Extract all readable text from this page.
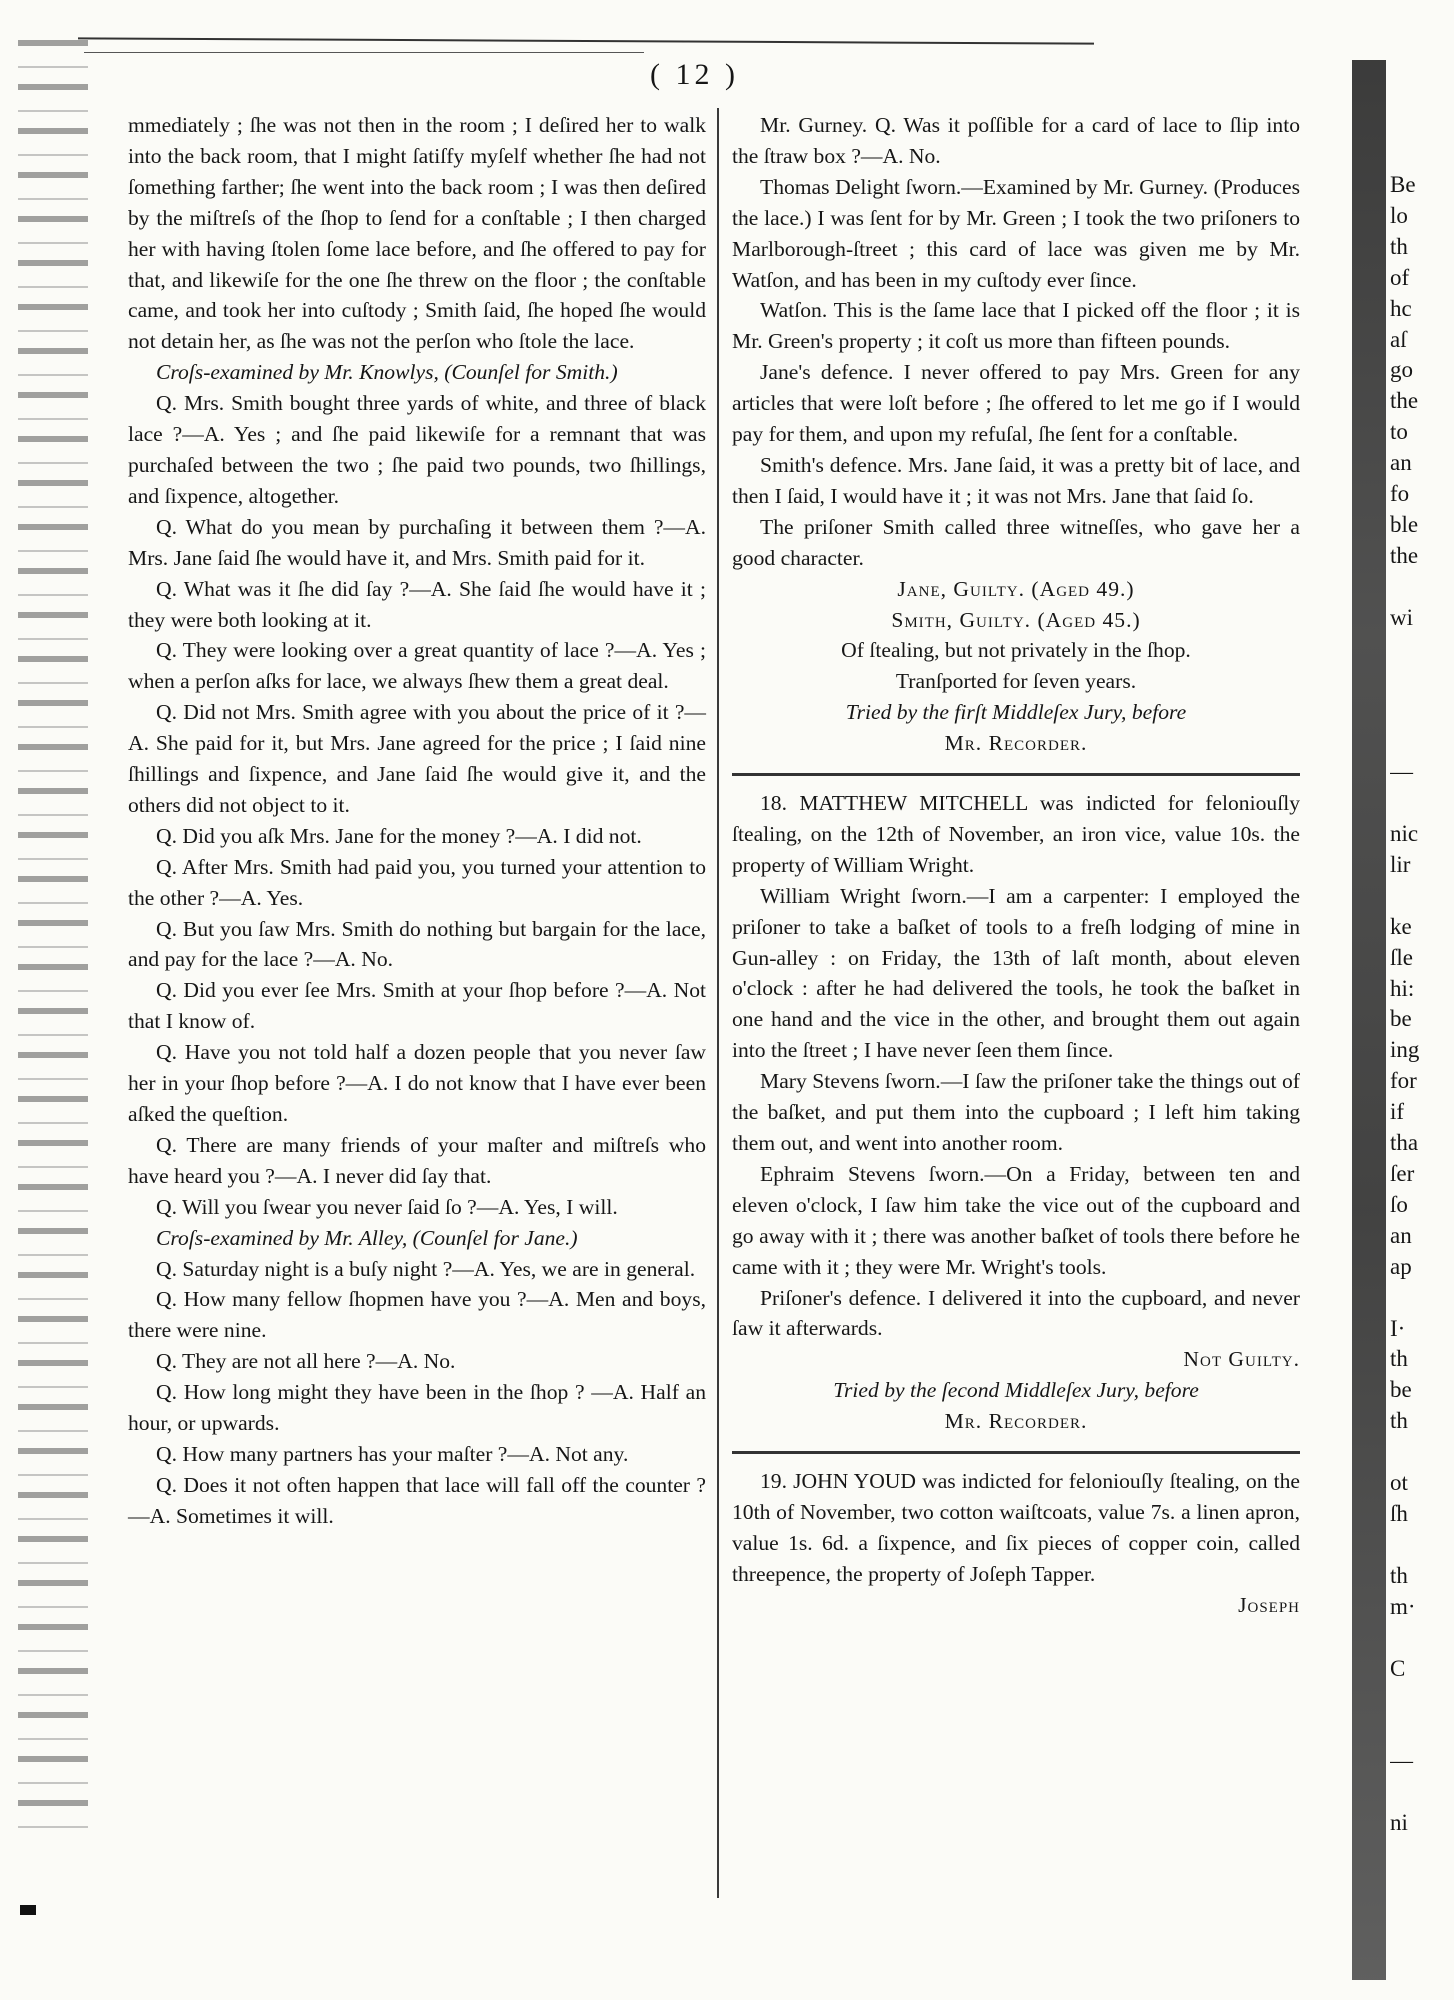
( 12 )

mmediately ; ſhe was not then in the room ; I deſired her to walk into the back room, that I might ſatiſfy myſelf whether ſhe had not ſomething farther; ſhe went into the back room ; I was then deſired by the miſtreſs of the ſhop to ſend for a conſtable ; I then charged her with having ſtolen ſome lace before, and ſhe offered to pay for that, and likewiſe for the one ſhe threw on the floor ; the conſtable came, and took her into cuſtody ; Smith ſaid, ſhe hoped ſhe would not detain her, as ſhe was not the perſon who ſtole the lace.

Croſs-examined by Mr. Knowlys, (Counſel for Smith.)

Q. Mrs. Smith bought three yards of white, and three of black lace ?—A. Yes ; and ſhe paid likewiſe for a remnant that was purchaſed between the two ; ſhe paid two pounds, two ſhillings, and ſixpence, altogether.

Q. What do you mean by purchaſing it between them ?—A. Mrs. Jane ſaid ſhe would have it, and Mrs. Smith paid for it.

Q. What was it ſhe did ſay ?—A. She ſaid ſhe would have it ; they were both looking at it.

Q. They were looking over a great quantity of lace ?—A. Yes ; when a perſon aſks for lace, we always ſhew them a great deal.

Q. Did not Mrs. Smith agree with you about the price of it ?—A. She paid for it, but Mrs. Jane agreed for the price ; I ſaid nine ſhillings and ſixpence, and Jane ſaid ſhe would give it, and the others did not object to it.

Q. Did you aſk Mrs. Jane for the money ?—A. I did not.

Q. After Mrs. Smith had paid you, you turned your attention to the other ?—A. Yes.

Q. But you ſaw Mrs. Smith do nothing but bargain for the lace, and pay for the lace ?—A. No.

Q. Did you ever ſee Mrs. Smith at your ſhop before ?—A. Not that I know of.

Q. Have you not told half a dozen people that you never ſaw her in your ſhop before ?—A. I do not know that I have ever been aſked the queſtion.

Q. There are many friends of your maſter and miſtreſs who have heard you ?—A. I never did ſay that.

Q. Will you ſwear you never ſaid ſo ?—A. Yes, I will.

Croſs-examined by Mr. Alley, (Counſel for Jane.)

Q. Saturday night is a buſy night ?—A. Yes, we are in general.

Q. How many fellow ſhopmen have you ?—A. Men and boys, there were nine.

Q. They are not all here ?—A. No.

Q. How long might they have been in the ſhop ? —A. Half an hour, or upwards.

Q. How many partners has your maſter ?—A. Not any.

Q. Does it not often happen that lace will fall off the counter ?—A. Sometimes it will.

Mr. Gurney. Q. Was it poſſible for a card of lace to ſlip into the ſtraw box ?—A. No.

Thomas Delight ſworn.—Examined by Mr. Gurney. (Produces the lace.) I was ſent for by Mr. Green ; I took the two priſoners to Marlborough-ſtreet ; this card of lace was given me by Mr. Watſon, and has been in my cuſtody ever ſince.

Watſon. This is the ſame lace that I picked off the floor ; it is Mr. Green's property ; it coſt us more than fifteen pounds.

Jane's defence. I never offered to pay Mrs. Green for any articles that were loſt before ; ſhe offered to let me go if I would pay for them, and upon my refuſal, ſhe ſent for a conſtable.

Smith's defence. Mrs. Jane ſaid, it was a pretty bit of lace, and then I ſaid, I would have it ; it was not Mrs. Jane that ſaid ſo.

The priſoner Smith called three witneſſes, who gave her a good character.

Jane, Guilty. (Aged 49.)

Smith, Guilty. (Aged 45.)

Of ſtealing, but not privately in the ſhop.

Tranſported for ſeven years.

Tried by the firſt Middleſex Jury, before

Mr. Recorder.

18. MATTHEW MITCHELL was indicted for feloniouſly ſtealing, on the 12th of November, an iron vice, value 10s. the property of William Wright.

William Wright ſworn.—I am a carpenter: I employed the priſoner to take a baſket of tools to a freſh lodging of mine in Gun-alley : on Friday, the 13th of laſt month, about eleven o'clock : after he had delivered the tools, he took the baſket in one hand and the vice in the other, and brought them out again into the ſtreet ; I have never ſeen them ſince.

Mary Stevens ſworn.—I ſaw the priſoner take the things out of the baſket, and put them into the cupboard ; I left him taking them out, and went into another room.

Ephraim Stevens ſworn.—On a Friday, between ten and eleven o'clock, I ſaw him take the vice out of the cupboard and go away with it ; there was another baſket of tools there before he came with it ; they were Mr. Wright's tools.

Priſoner's defence. I delivered it into the cupboard, and never ſaw it afterwards.

Not Guilty.

Tried by the ſecond Middleſex Jury, before

Mr. Recorder.

19. JOHN YOUD was indicted for feloniouſly ſtealing, on the 10th of November, two cotton waiſtcoats, value 7s. a linen apron, value 1s. 6d. a ſixpence, and ſix pieces of copper coin, called threepence, the property of Joſeph Tapper.

Joseph

Be
lo
th
of
hc
aſ
go
the
to
an
fo
ble
the

wi

—

nic
lir

ke
ſle
hi:
be
ing
for
if
tha
ſer
ſo
an
ap

I·
th
be
th

ot
ſh

th
m·

C

—

ni
